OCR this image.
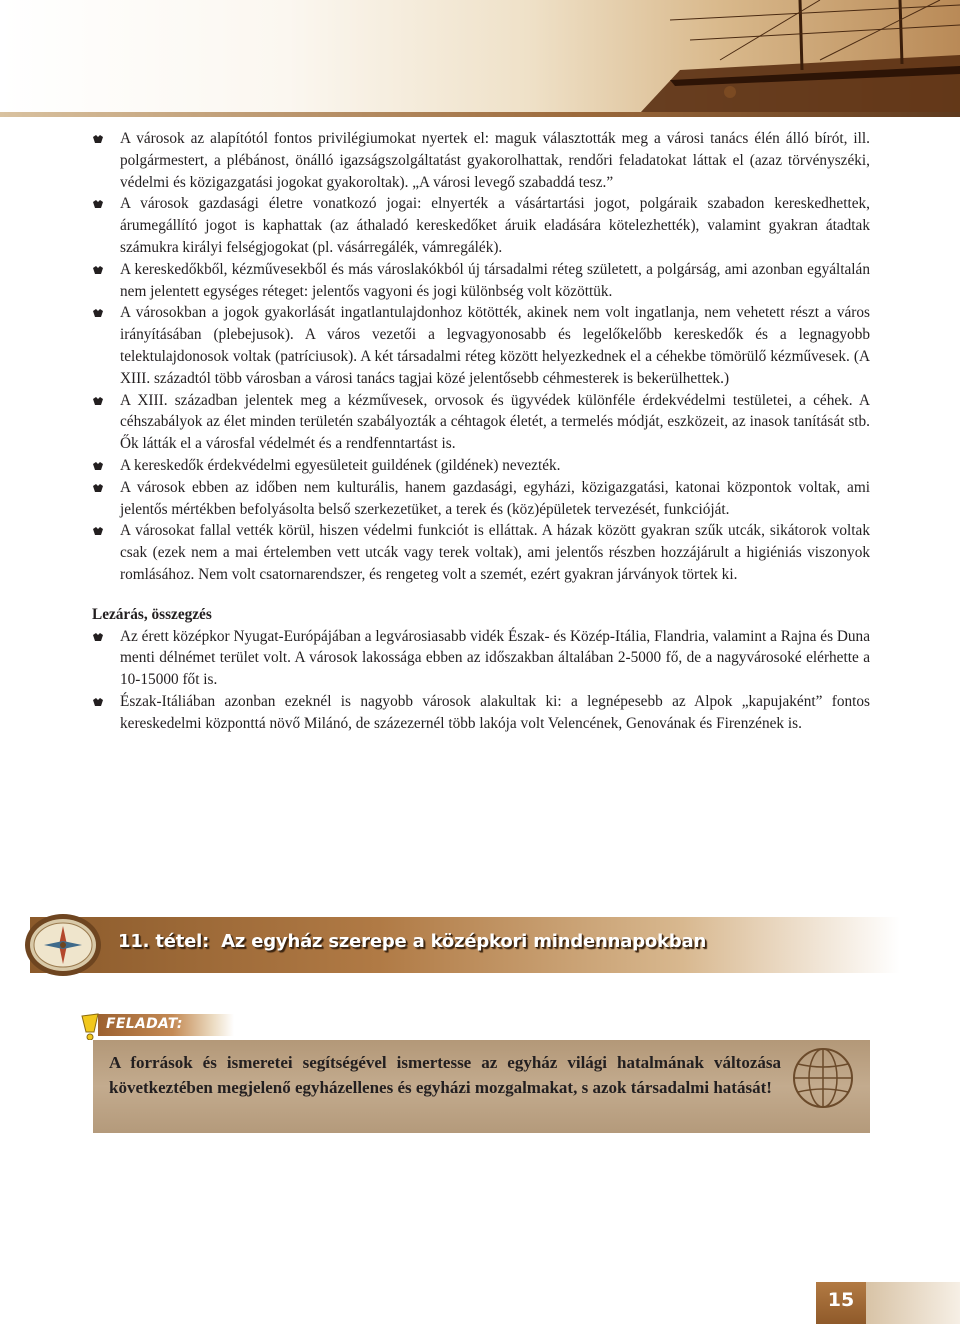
A városok az alapítótól fontos privilégiumokat nyertek el: maguk választották meg a városi tanács élén álló bírót, ill. polgármestert, a plébánost, önálló igazságszolgáltatást gyakorolhattak, rendőri feladatokat láttak el (azaz törvényszéki, védelmi és közigazgatási jogokat gyakoroltak). „A városi levegő szabaddá tesz.”
A városok gazdasági életre vonatkozó jogai: elnyerték a vásártartási jogot, polgáraik szabadon kereskedhettek, árumegállító jogot is kaphattak (az áthaladó kereskedőket áruik eladására kötelezhették), valamint gyakran átadtak számukra királyi felségjogokat (pl. vásárregálék, vámregálék).
A kereskedőkből, kézművesekből és más városlakókból új társadalmi réteg született, a polgárság, ami azonban egyáltalán nem jelentett egységes réteget: jelentős vagyoni és jogi különbség volt közöttük.
A városokban a jogok gyakorlását ingatlantulajdonhoz kötötték, akinek nem volt ingatlanja, nem vehetett részt a város irányításában (plebejusok). A város vezetői a legvagyonosabb és legelőkelőbb kereskedők és a legnagyobb telektulajdonosok voltak (patríciusok). A két társadalmi réteg között helyezkednek el a céhekbe tömörülő kézművesek. (A XIII. századtól több városban a városi tanács tagjai közé jelentősebb céhmesterek is bekerülhettek.)
A XIII. században jelentek meg a kézművesek, orvosok és ügyvédek különféle érdekvédelmi testületei, a céhek. A céhszabályok az élet minden területén szabályozták a céhtagok életét, a termelés módját, eszközeit, az inasok tanítását stb. Ők látták el a városfal védelmét és a rendfenntartást is.
A kereskedők érdekvédelmi egyesületeit guildének (gildének) nevezték.
A városok ebben az időben nem kulturális, hanem gazdasági, egyházi, közigazgatási, katonai központok voltak, ami jelentős mértékben befolyásolta belső szerkezetüket, a terek és (köz)épületek tervezését, funkcióját.
A városokat fallal vették körül, hiszen védelmi funkciót is elláttak. A házak között gyakran szűk utcák, sikátorok voltak csak (ezek nem a mai értelemben vett utcák vagy terek voltak), ami jelentős részben hozzájárult a higiéniás viszonyok romlásához. Nem volt csatornarendszer, és rengeteg volt a szemét, ezért gyakran járványok törtek ki.
Lezárás, összegzés
Az érett középkor Nyugat-Európájában a legvárosiasabb vidék Észak- és Közép-Itália, Flandria, valamint a Rajna és Duna menti délnémet terület volt. A városok lakossága ebben az időszakban általában 2-5000 fő, de a nagyvárosoké elérhette a 10-15000 főt is.
Észak-Itáliában azonban ezeknél is nagyobb városok alakultak ki: a legnépesebb az Alpok „kapujaként” fontos kereskedelmi központtá növő Milánó, de százezernél több lakója volt Velencének, Genovának és Firenzének is.
11. tétel: Az egyház szerepe a középkori mindennapokban
FELADAT:
A források és ismeretei segítségével ismertesse az egyház világi hatalmának változása következtében megjelenő egyházellenes és egyházi mozgalmakat, s azok társadalmi hatását!
15
